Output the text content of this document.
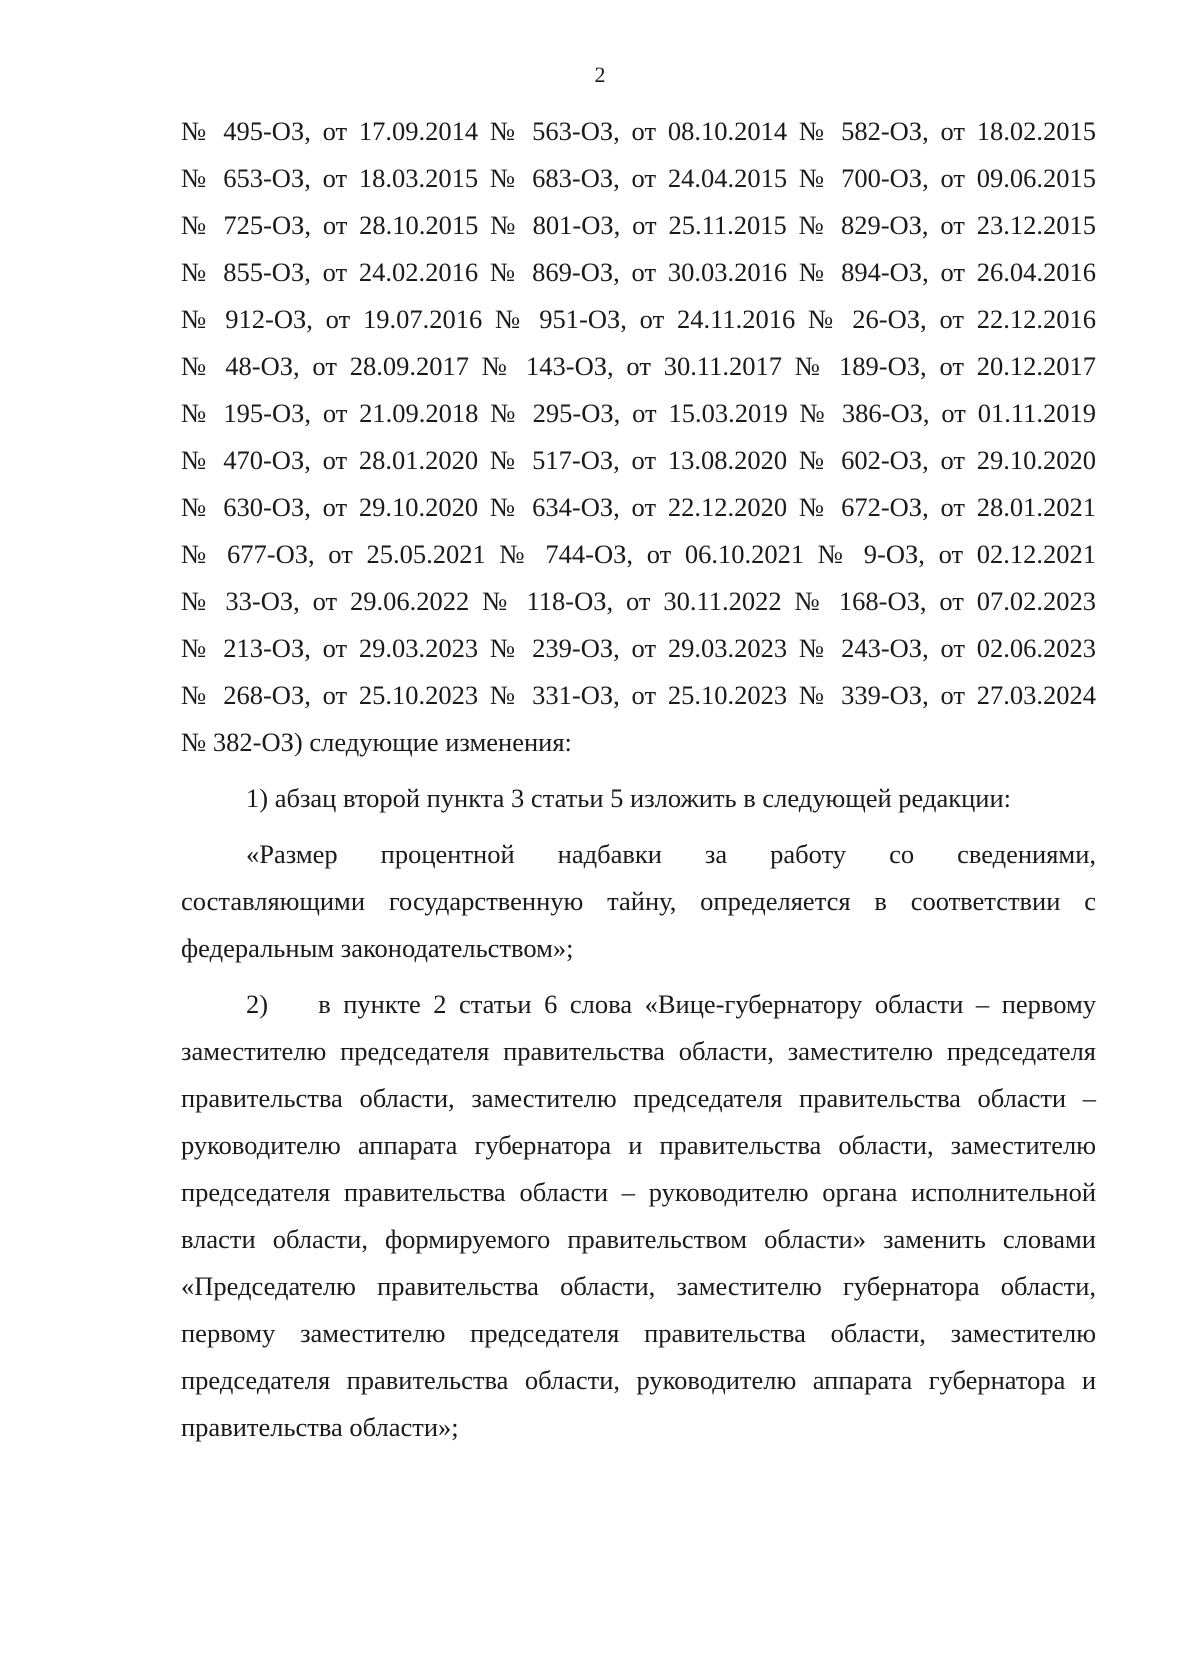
2
№ 495-ОЗ, от 17.09.2014 № 563-ОЗ, от 08.10.2014 № 582-ОЗ, от 18.02.2015
№ 653-ОЗ, от 18.03.2015 № 683-ОЗ, от 24.04.2015 № 700-ОЗ, от 09.06.2015
№ 725-ОЗ, от 28.10.2015 № 801-ОЗ, от 25.11.2015 № 829-ОЗ, от 23.12.2015
№ 855-ОЗ, от 24.02.2016 № 869-ОЗ, от 30.03.2016 № 894-ОЗ, от 26.04.2016
№ 912-ОЗ, от 19.07.2016 № 951-ОЗ, от 24.11.2016 № 26-ОЗ, от 22.12.2016
№ 48-ОЗ, от 28.09.2017 № 143-ОЗ, от 30.11.2017 № 189-ОЗ, от 20.12.2017
№ 195-ОЗ, от 21.09.2018 № 295-ОЗ, от 15.03.2019 № 386-ОЗ, от 01.11.2019
№ 470-ОЗ, от 28.01.2020 № 517-ОЗ, от 13.08.2020 № 602-ОЗ, от 29.10.2020
№ 630-ОЗ, от 29.10.2020 № 634-ОЗ, от 22.12.2020 № 672-ОЗ, от 28.01.2021
№ 677-ОЗ, от 25.05.2021 № 744-ОЗ, от 06.10.2021 № 9-ОЗ, от 02.12.2021
№ 33-ОЗ, от 29.06.2022 № 118-ОЗ, от 30.11.2022 № 168-ОЗ, от 07.02.2023
№ 213-ОЗ, от 29.03.2023 № 239-ОЗ, от 29.03.2023 № 243-ОЗ, от 02.06.2023
№ 268-ОЗ, от 25.10.2023 № 331-ОЗ, от 25.10.2023 № 339-ОЗ, от 27.03.2024
№ 382-ОЗ) следующие изменения:
1) абзац второй пункта 3 статьи 5 изложить в следующей редакции:
«Размер процентной надбавки за работу со сведениями,
составляющими государственную тайну, определяется в соответствии с
федеральным законодательством»;
2)    в пункте 2 статьи 6 слова «Вице-губернатору области – первому
заместителю председателя правительства области, заместителю председателя
правительства области, заместителю председателя правительства области –
руководителю аппарата губернатора и правительства области, заместителю
председателя правительства области – руководителю органа исполнительной
власти области, формируемого правительством области» заменить словами
«Председателю правительства области, заместителю губернатора области,
первому заместителю председателя правительства области, заместителю
председателя правительства области, руководителю аппарата губернатора и
правительства области»;
